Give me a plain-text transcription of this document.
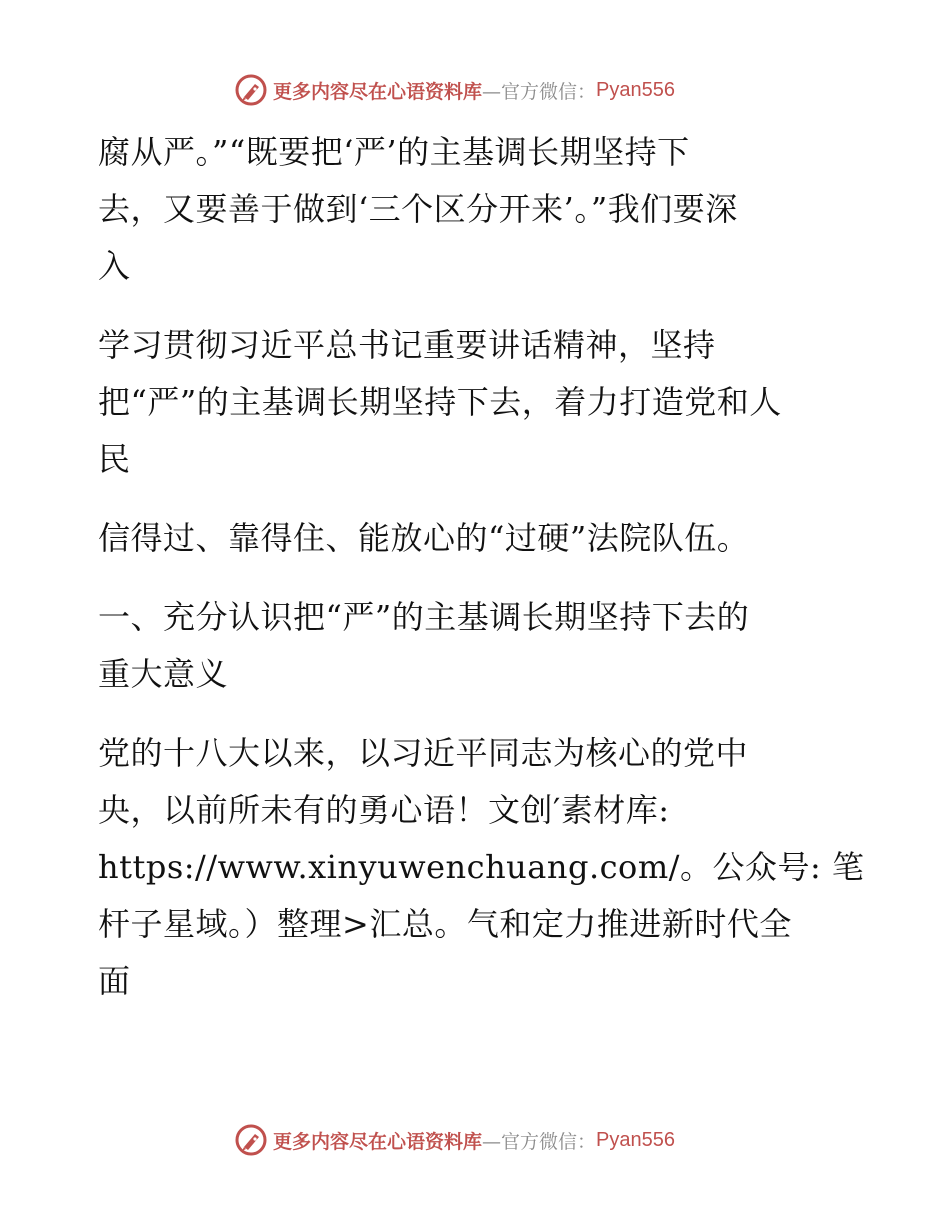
更多内容尽在心语资料库 —官方微信： Pyan556
腐从严。”“既要把‘严’的主基调长期坚持下
去，又要善于做到‘三个区分开来’。”我们要深
入
学习贯彻习近平总书记重要讲话精神，坚持
把“严”的主基调长期坚持下去，着力打造党和人
民
信得过、靠得住、能放心的“过硬”法院队伍。
一、充分认识把“严”的主基调长期坚持下去的
重大意义
党的十八大以来，以习近平同志为核心的党中
央，以前所未有的勇心语！文创′素材库:
https://www.xinyuwenchuang.com/。公众号: 笔
杆子星域。）整理>汇总。气和定力推进新时代全
面
更多内容尽在心语资料库 —官方微信： Pyan556
